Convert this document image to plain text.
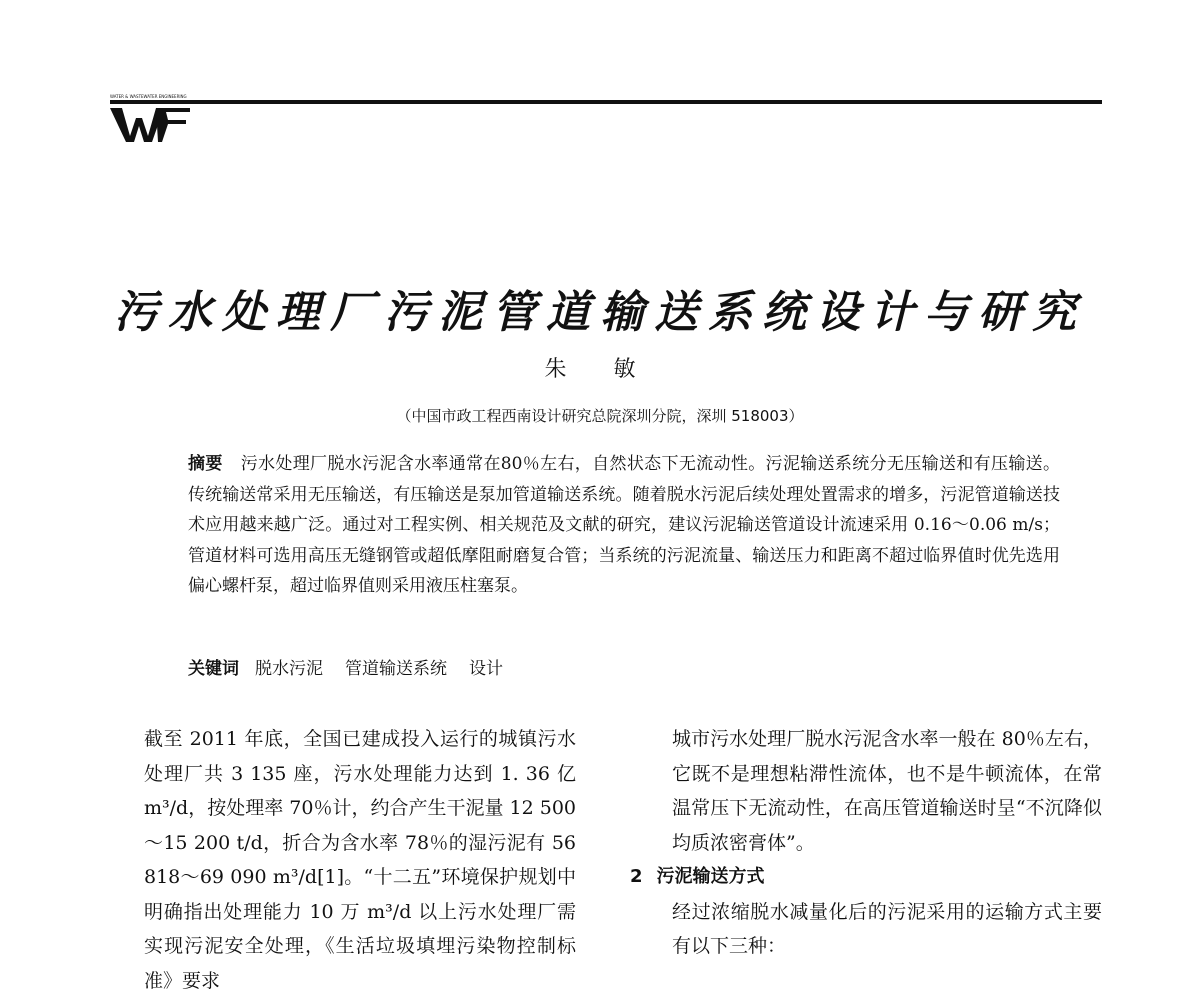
WATER & WASTEWATER ENGINEERING
污水处理厂污泥管道输送系统设计与研究
朱 敏
（中国市政工程西南设计研究总院深圳分院，深圳 518003）

摘要 污水处理厂脱水污泥含水率通常在80％左右，自然状态下无流动性。污泥输送系统分无压输送和有压输送。传统输送常采用无压输送，有压输送是泵加管道输送系统。随着脱水污泥后续处理处置需求的增多，污泥管道输送技术应用越来越广泛。通过对工程实例、相关规范及文献的研究，建议污泥输送管道设计流速采用 0.16～0.06 m/s；管道材料可选用高压无缝钢管或超低摩阻耐磨复合管；当系统的污泥流量、输送压力和距离不超过临界值时优先选用偏心螺杆泵，超过临界值则采用液压柱塞泵。

关键词 脱水污泥 管道输送系统 设计

截至 2011 年底，全国已建成投入运行的城镇污水处理厂共 3 135 座，污水处理能力达到 1. 36 亿 m³/d，按处理率 70％计，约合产生干泥量 12 500～15 200 t/d，折合为含水率 78％的湿污泥有 56 818～69 090 m³/d[1]。“十二五”环境保护规划中明确指出处理能力 10 万 m³/d 以上污水处理厂需实现污泥安全处理，《生活垃圾填埋污染物控制标准》要求

城市污水处理厂脱水污泥含水率一般在 80％左右，它既不是理想粘滞性流体，也不是牛顿流体，在常温常压下无流动性，在高压管道输送时呈“不沉降似均质浓密膏体”。

2 污泥输送方式

经过浓缩脱水减量化后的污泥采用的运输方式主要有以下三种：
